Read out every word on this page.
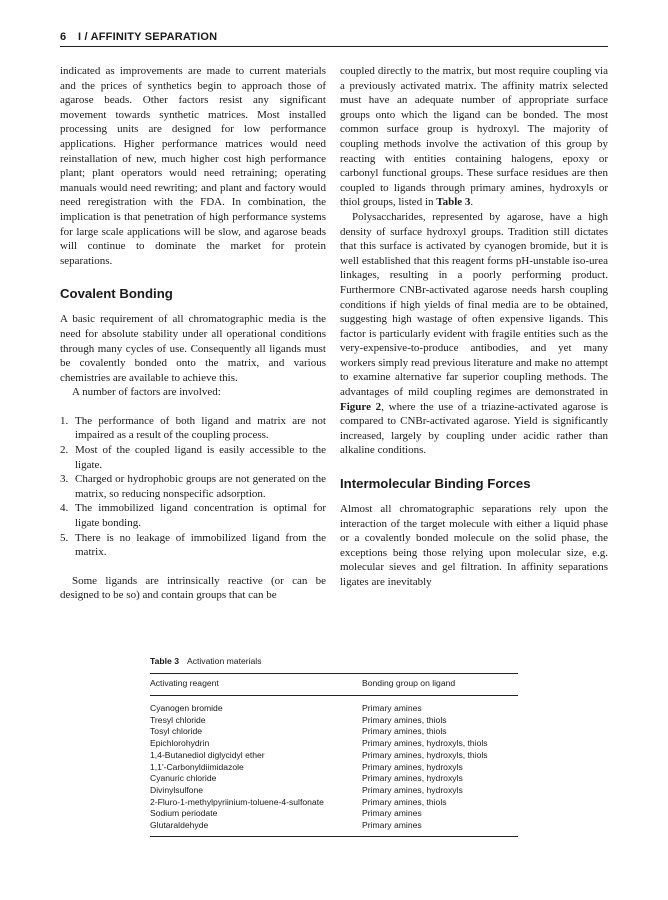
6 I / AFFINITY SEPARATION

indicated as improvements are made to current materials and the prices of synthetics begin to approach those of agarose beads. Other factors resist any significant movement towards synthetic matrices. Most installed processing units are designed for low performance applications. Higher performance matrices would need reinstallation of new, much higher cost high performance plant; plant operators would need retraining; operating manuals would need rewriting; and plant and factory would need reregistration with the FDA. In combination, the implication is that penetration of high performance systems for large scale applications will be slow, and agarose beads will continue to dominate the market for protein separations.

Covalent Bonding

A basic requirement of all chromatographic media is the need for absolute stability under all operational conditions through many cycles of use. Consequently all ligands must be covalently bonded onto the matrix, and various chemistries are available to achieve this.

A number of factors are involved:

1. The performance of both ligand and matrix are not impaired as a result of the coupling process.
2. Most of the coupled ligand is easily accessible to the ligate.
3. Charged or hydrophobic groups are not generated on the matrix, so reducing nonspecific adsorption.
4. The immobilized ligand concentration is optimal for ligate bonding.
5. There is no leakage of immobilized ligand from the matrix.

Some ligands are intrinsically reactive (or can be designed to be so) and contain groups that can be

coupled directly to the matrix, but most require coupling via a previously activated matrix. The affinity matrix selected must have an adequate number of appropriate surface groups onto which the ligand can be bonded. The most common surface group is hydroxyl. The majority of coupling methods involve the activation of this group by reacting with entities containing halogens, epoxy or carbonyl functional groups. These surface residues are then coupled to ligands through primary amines, hydroxyls or thiol groups, listed in Table 3.

Polysaccharides, represented by agarose, have a high density of surface hydroxyl groups. Tradition still dictates that this surface is activated by cyanogen bromide, but it is well established that this reagent forms pH-unstable iso-urea linkages, resulting in a poorly performing product. Furthermore CNBr-activated agarose needs harsh coupling conditions if high yields of final media are to be obtained, suggesting high wastage of often expensive ligands. This factor is particularly evident with fragile entities such as the very-expensive-to-produce antibodies, and yet many workers simply read previous literature and make no attempt to examine alternative far superior coupling methods. The advantages of mild coupling regimes are demonstrated in Figure 2, where the use of a triazine-activated agarose is compared to CNBr-activated agarose. Yield is significantly increased, largely by coupling under acidic rather than alkaline conditions.

Intermolecular Binding Forces

Almost all chromatographic separations rely upon the interaction of the target molecule with either a liquid phase or a covalently bonded molecule on the solid phase, the exceptions being those relying upon molecular size, e.g. molecular sieves and gel filtration. In affinity separations ligates are inevitably

Table 3 Activation materials
Activating reagent	Bonding group on ligand
Cyanogen bromide	Primary amines
Tresyl chloride	Primary amines, thiols
Tosyl chloride	Primary amines, thiols
Epichlorohydrin	Primary amines, hydroxyls, thiols
1,4-Butanediol diglycidyl ether	Primary amines, hydroxyls, thiols
1,1'-Carbonyldiimidazole	Primary amines, hydroxyls
Cyanuric chloride	Primary amines, hydroxyls
Divinylsulfone	Primary amines, hydroxyls
2-Fluro-1-methylpyriinium-toluene-4-sulfonate	Primary amines, thiols
Sodium periodate	Primary amines
Glutaraldehyde	Primary amines
